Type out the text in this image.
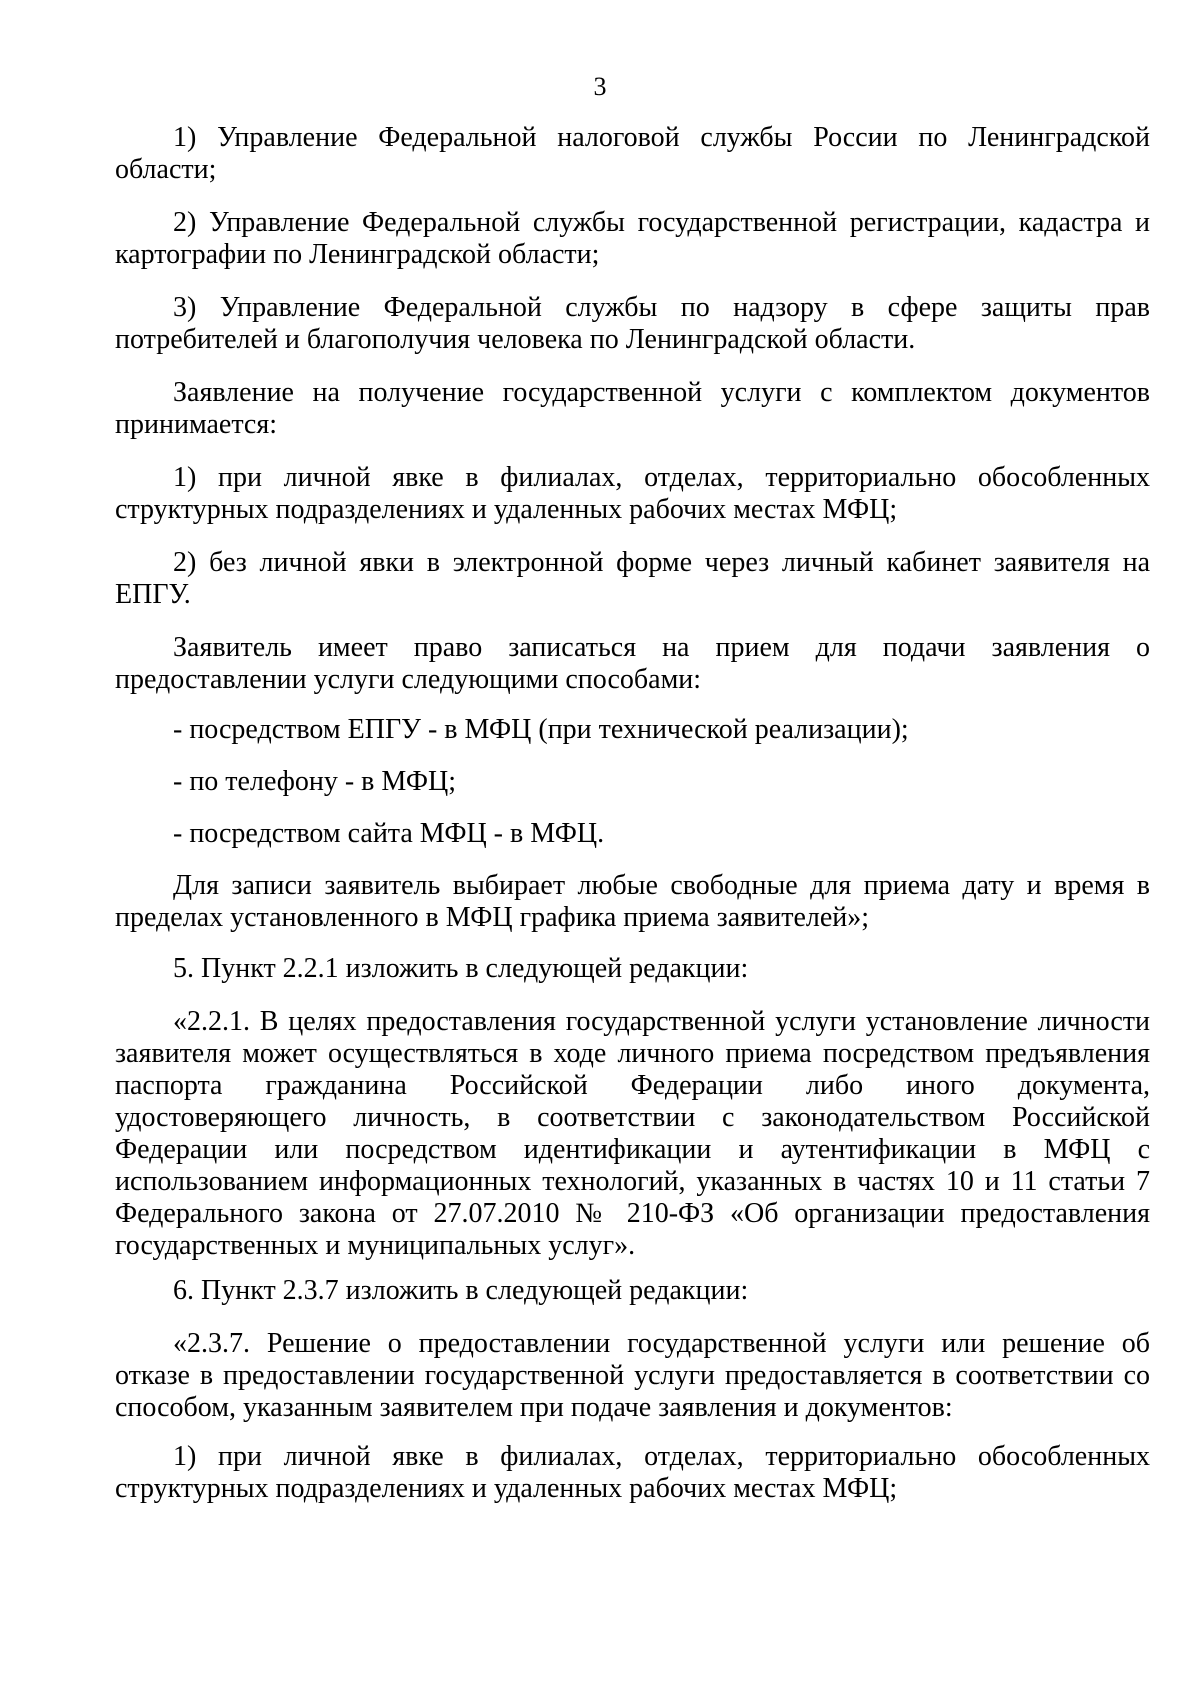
3

1) Управление Федеральной налоговой службы России по Ленинградской области;

2) Управление Федеральной службы государственной регистрации, кадастра и картографии по Ленинградской области;

3) Управление Федеральной службы по надзору в сфере защиты прав потребителей и благополучия человека по Ленинградской области.

Заявление на получение государственной услуги с комплектом документов принимается:

1) при личной явке в филиалах, отделах, территориально обособленных структурных подразделениях и удаленных рабочих местах МФЦ;

2) без личной явки в электронной форме через личный кабинет заявителя на ЕПГУ.

Заявитель имеет право записаться на прием для подачи заявления о предоставлении услуги следующими способами:

- посредством ЕПГУ - в МФЦ (при технической реализации);

- по телефону - в МФЦ;

- посредством сайта МФЦ - в МФЦ.

Для записи заявитель выбирает любые свободные для приема дату и время в пределах установленного в МФЦ графика приема заявителей»;

5. Пункт 2.2.1 изложить в следующей редакции:

«2.2.1. В целях предоставления государственной услуги установление личности заявителя может осуществляться в ходе личного приема посредством предъявления паспорта гражданина Российской Федерации либо иного документа, удостоверяющего личность, в соответствии с законодательством Российской Федерации или посредством идентификации и аутентификации в МФЦ с использованием информационных технологий, указанных в частях 10 и 11 статьи 7 Федерального закона от 27.07.2010 № 210-ФЗ «Об организации предоставления государственных и муниципальных услуг».

6. Пункт 2.3.7 изложить в следующей редакции:

«2.3.7. Решение о предоставлении государственной услуги или решение об отказе в предоставлении государственной услуги предоставляется в соответствии со способом, указанным заявителем при подаче заявления и документов:

1) при личной явке в филиалах, отделах, территориально обособленных структурных подразделениях и удаленных рабочих местах МФЦ;
